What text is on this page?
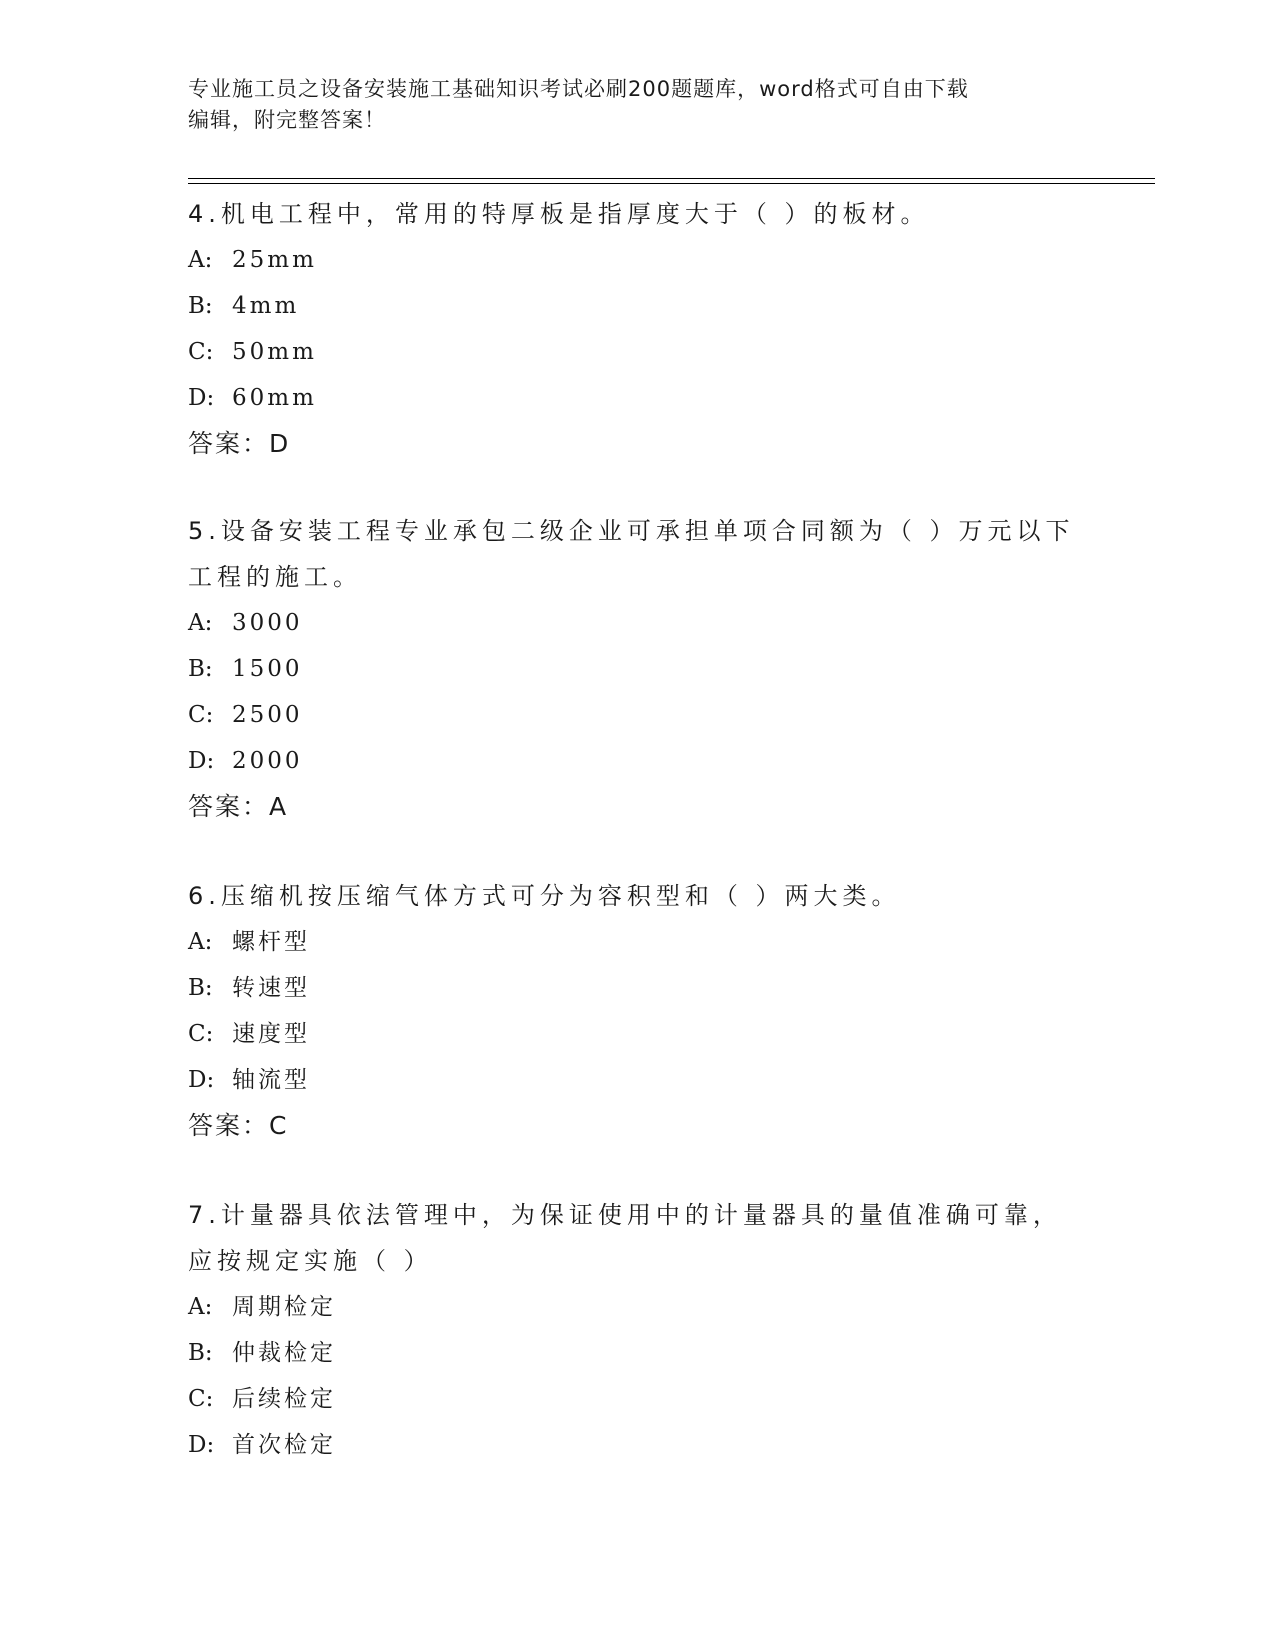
专业施工员之设备安装施工基础知识考试必刷200题题库，word格式可自由下载
编辑，附完整答案！
4.机电工程中，常用的特厚板是指厚度大于（ ）的板材。
A: 25mm
B: 4mm
C: 50mm
D: 60mm
答案：D
5.设备安装工程专业承包二级企业可承担单项合同额为（ ）万元以下工程的施工。
A: 3000
B: 1500
C: 2500
D: 2000
答案：A
6.压缩机按压缩气体方式可分为容积型和（ ）两大类。
A: 螺杆型
B: 转速型
C: 速度型
D: 轴流型
答案：C
7.计量器具依法管理中，为保证使用中的计量器具的量值准确可靠，应按规定实施（ ）
A: 周期检定
B: 仲裁检定
C: 后续检定
D: 首次检定
